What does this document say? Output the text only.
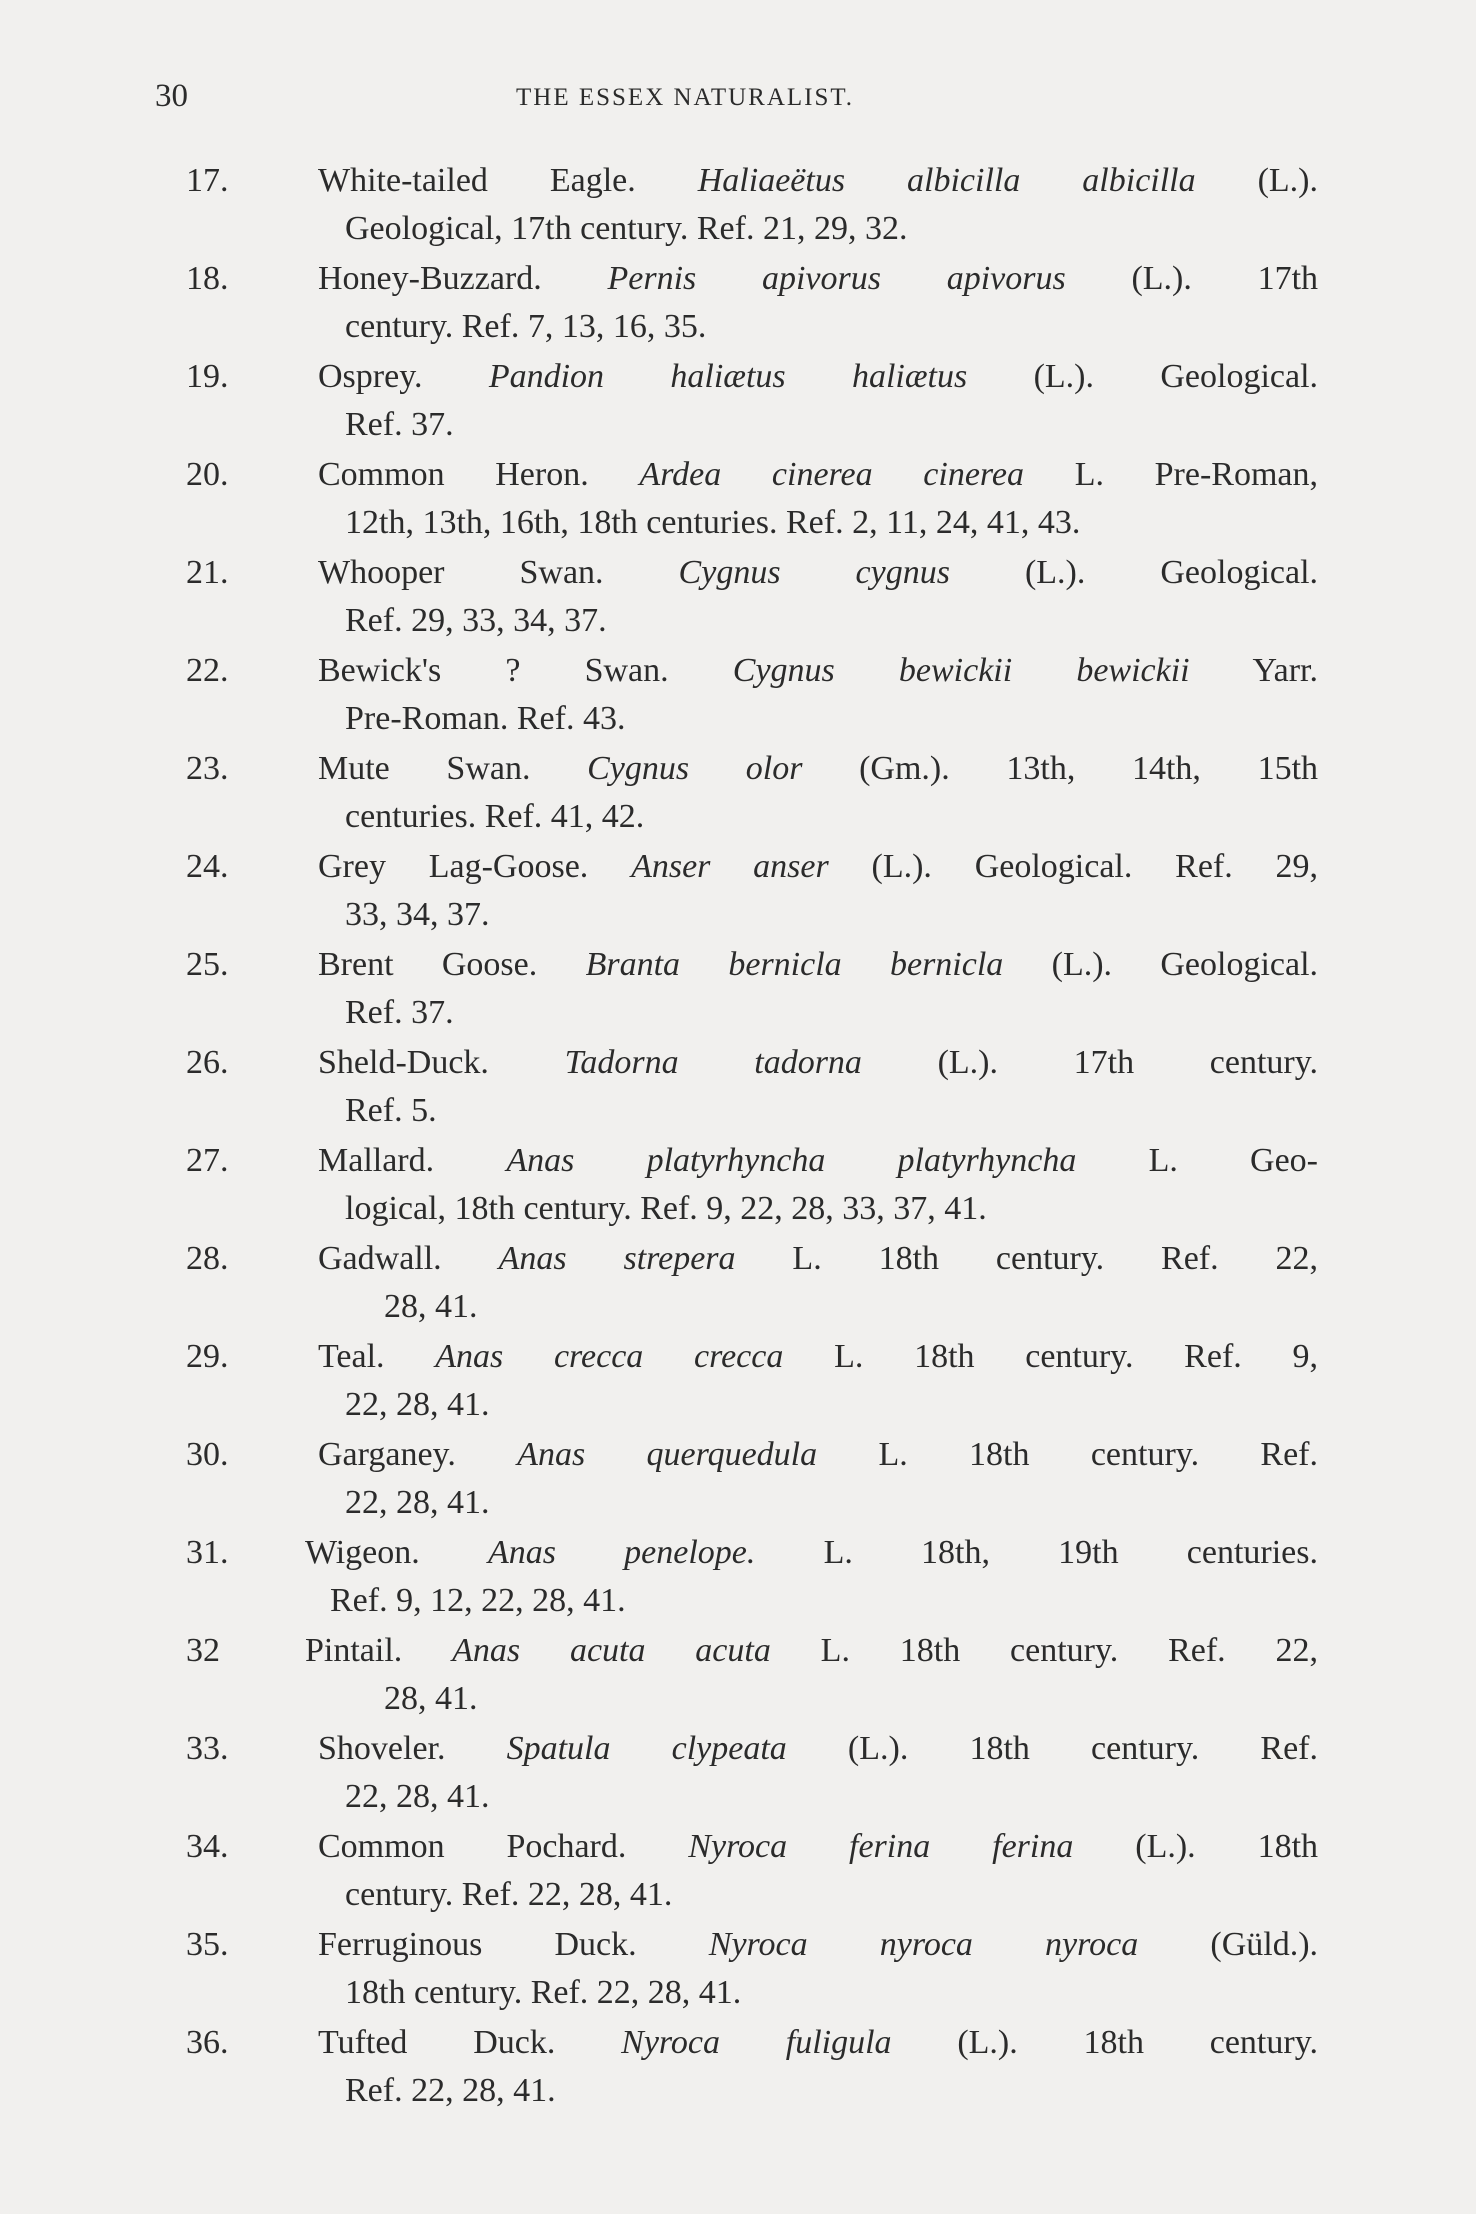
30	THE ESSEX NATURALIST.
17.	White-tailed Eagle. Haliaeëtus albicilla albicilla (L.).
Geological, 17th century. Ref. 21, 29, 32.
18.	Honey-Buzzard. Pernis apivorus apivorus (L.). 17th
century. Ref. 7, 13, 16, 35.
19.	Osprey. Pandion haliætus haliætus (L.). Geological.
Ref. 37.
20.	Common Heron. Ardea cinerea cinerea L. Pre-Roman,
12th, 13th, 16th, 18th centuries. Ref. 2, 11, 24, 41, 43.
21.	Whooper Swan. Cygnus cygnus (L.). Geological.
Ref. 29, 33, 34, 37.
22.	Bewick's ? Swan. Cygnus bewickii bewickii Yarr.
Pre-Roman. Ref. 43.
23.	Mute Swan. Cygnus olor (Gm.). 13th, 14th, 15th
centuries. Ref. 41, 42.
24.	Grey Lag-Goose. Anser anser (L.). Geological. Ref. 29,
33, 34, 37.
25.	Brent Goose. Branta bernicla bernicla (L.). Geological.
Ref. 37.
26.	Sheld-Duck. Tadorna tadorna (L.). 17th century.
Ref. 5.
27.	Mallard. Anas platyrhyncha platyrhyncha L. Geo-
logical, 18th century. Ref. 9, 22, 28, 33, 37, 41.
28.	Gadwall. Anas strepera L. 18th century. Ref. 22,
28, 41.
29.	Teal. Anas crecca crecca L. 18th century. Ref. 9,
22, 28, 41.
30.	Garganey. Anas querquedula L. 18th century. Ref.
22, 28, 41.
31. Wigeon. Anas penelope. L. 18th, 19th centuries.
Ref. 9, 12, 22, 28, 41.
32	Pintail. Anas acuta acuta L. 18th century. Ref. 22,
28, 41.
33.	Shoveler. Spatula clypeata (L.). 18th century. Ref.
22, 28, 41.
34.	Common Pochard. Nyroca ferina ferina (L.). 18th
century. Ref. 22, 28, 41.
35.	Ferruginous Duck. Nyroca nyroca nyroca (Güld.).
18th century. Ref. 22, 28, 41.
36.	Tufted Duck. Nyroca fuligula (L.). 18th century.
Ref. 22, 28, 41.
